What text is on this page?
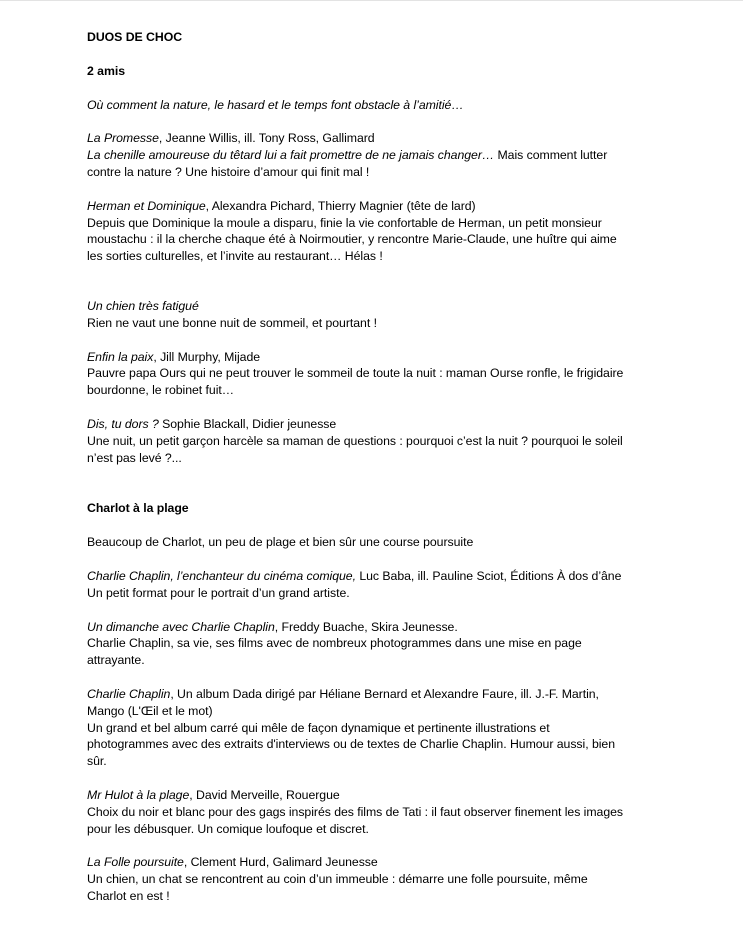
DUOS DE CHOC

2 amis

Où comment la nature, le hasard et le temps font obstacle à l’amitié…

La Promesse, Jeanne Willis, ill. Tony Ross, Gallimard

La chenille amoureuse du têtard lui a fait promettre de ne jamais changer… Mais comment lutter

contre la nature ? Une histoire d’amour qui finit mal !

Herman et Dominique, Alexandra Pichard, Thierry Magnier (tête de lard)

Depuis que Dominique la moule a disparu, finie la vie confortable de Herman, un petit monsieur

moustachu : il la cherche chaque été à Noirmoutier, y rencontre Marie-Claude, une huître qui aime

les sorties culturelles, et l’invite au restaurant… Hélas !

Un chien très fatigué

Rien ne vaut une bonne nuit de sommeil, et pourtant !

Enfin la paix, Jill Murphy, Mijade

Pauvre papa Ours qui ne peut trouver le sommeil de toute la nuit : maman Ourse ronfle, le frigidaire

bourdonne, le robinet fuit…

Dis, tu dors ? Sophie Blackall, Didier jeunesse

Une nuit, un petit garçon harcèle sa maman de questions : pourquoi c’est la nuit ? pourquoi le soleil

n’est pas levé ?...

Charlot à la plage

Beaucoup de Charlot, un peu de plage et bien sûr une course poursuite

Charlie Chaplin, l’enchanteur du cinéma comique, Luc Baba, ill. Pauline Sciot, Éditions À dos d’âne

Un petit format pour le portrait d’un grand artiste.

Un dimanche avec Charlie Chaplin, Freddy Buache, Skira Jeunesse.

Charlie Chaplin, sa vie, ses films avec de nombreux photogrammes dans une mise en page

attrayante.

Charlie Chaplin, Un album Dada dirigé par Héliane Bernard et Alexandre Faure, ill. J.-F. Martin,

Mango (L'Œil et le mot)

Un grand et bel album carré qui mêle de façon dynamique et pertinente illustrations et

photogrammes avec des extraits d'interviews ou de textes de Charlie Chaplin. Humour aussi, bien

sûr.

Mr Hulot à la plage, David Merveille, Rouergue

Choix du noir et blanc pour des gags inspirés des films de Tati : il faut observer finement les images

pour les débusquer. Un comique loufoque et discret.

La Folle poursuite, Clement Hurd, Galimard Jeunesse

Un chien, un chat se rencontrent au coin d’un immeuble : démarre une folle poursuite, même

Charlot en est !
